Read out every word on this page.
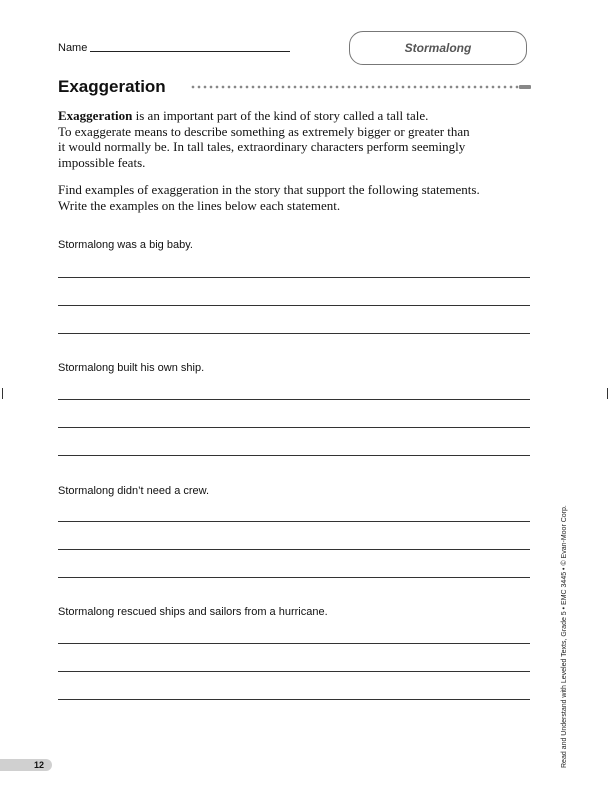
Name	Stormalong
Exaggeration
Exaggeration is an important part of the kind of story called a tall tale.
To exaggerate means to describe something as extremely bigger or greater than
it would normally be. In tall tales, extraordinary characters perform seemingly
impossible feats.
Find examples of exaggeration in the story that support the following statements.
Write the examples on the lines below each statement.
Stormalong was a big baby.
Stormalong built his own ship.
Stormalong didn’t need a crew.
Stormalong rescued ships and sailors from a hurricane.	Read and Understand with Leveled Texts, Grade 5 • EMC 3445 • © Evan-Moor Corp.
12
